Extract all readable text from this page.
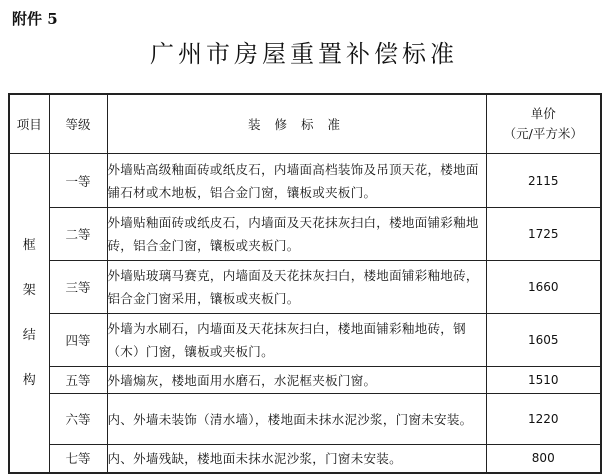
附件 5
广州市房屋重置补偿标准
项目	等级	装 修 标 准	单价
（元/平方米）

框
架
结
构	一等	外墙贴高级釉面砖或纸皮石，内墙面高档装饰及吊顶天花，楼地面铺石材或木地板，铝合金门窗，镶板或夹板门。	2115
	二等	外墙贴釉面砖或纸皮石，内墙面及天花抹灰扫白，楼地面铺彩釉地砖，铝合金门窗，镶板或夹板门。	1725
	三等	外墙贴玻璃马赛克，内墙面及天花抹灰扫白，楼地面铺彩釉地砖，铝合金门窗采用，镶板或夹板门。	1660
	四等	外墙为水刷石，内墙面及天花抹灰扫白，楼地面铺彩釉地砖，钢（木）门窗，镶板或夹板门。	1605
	五等	外墙煽灰，楼地面用水磨石，水泥框夹板门窗。	1510
	六等	内、外墙未装饰（清水墙），楼地面未抹水泥沙浆，门窗未安装。	1220
	七等	内、外墙残缺，楼地面未抹水泥沙浆，门窗未安装。	800
